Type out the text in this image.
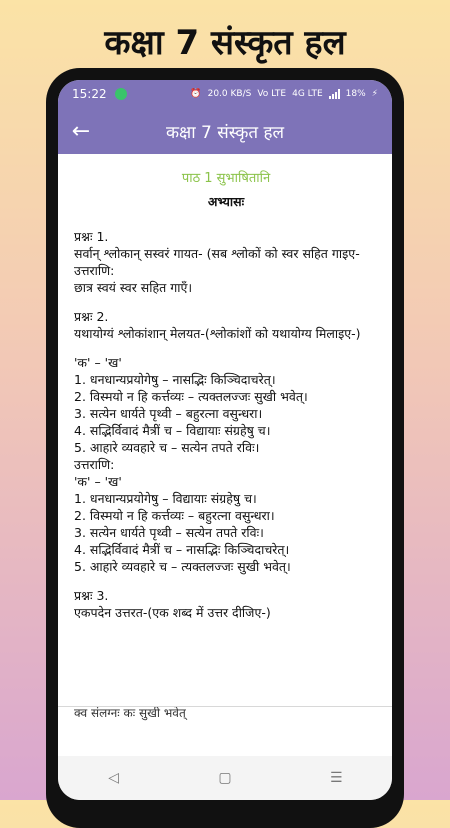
कक्षा 7 संस्कृत हल
15:22	⏰ 20.0 KB/S Vo LTE 4G LTE	18% ⚡
←	कक्षा 7 संस्कृत हल
पाठ 1 सुभाषितानि
अभ्यासः
प्रश्नः 1.
सर्वान् श्लोकान् सस्वरं गायत- (सब श्लोकों को स्वर सहित गाइए-
उत्तराणि:
छात्र स्वयं स्वर सहित गाएँ।
प्रश्नः 2.
यथायोग्यं श्लोकांशान् मेलयत-(श्लोकांशों को यथायोग्य मिलाइए-)
'क' – 'ख'
1. धनधान्यप्रयोगेषु – नासद्भिः किञ्चिदाचरेत्।
2. विस्मयो न हि कर्त्तव्यः – त्यक्तलज्जः सुखी भवेत्।
3. सत्येन धार्यते पृथ्वी – बहुरत्ना वसुन्धरा।
4. सद्भिर्विवादं मैत्रीं च – विद्यायाः संग्रहेषु च।
5. आहारे व्यवहारे च – सत्येन तपते रविः।
उत्तराणि:
'क' – 'ख'
1. धनधान्यप्रयोगेषु – विद्यायाः संग्रहेषु च।
2. विस्मयो न हि कर्त्तव्यः – बहुरत्ना वसुन्धरा।
3. सत्येन धार्यते पृथ्वी – सत्येन तपते रविः।
4. सद्भिर्विवादं मैत्रीं च – नासद्भिः किञ्चिदाचरेत्।
5. आहारे व्यवहारे च – त्यक्तलज्जः सुखी भवेत्।
प्रश्नः 3.
एकपदेन उत्तरत-(एक शब्द में उत्तर दीजिए-)
क्व संलग्नः कः सुखी भवेत्
◁	▢	☰
